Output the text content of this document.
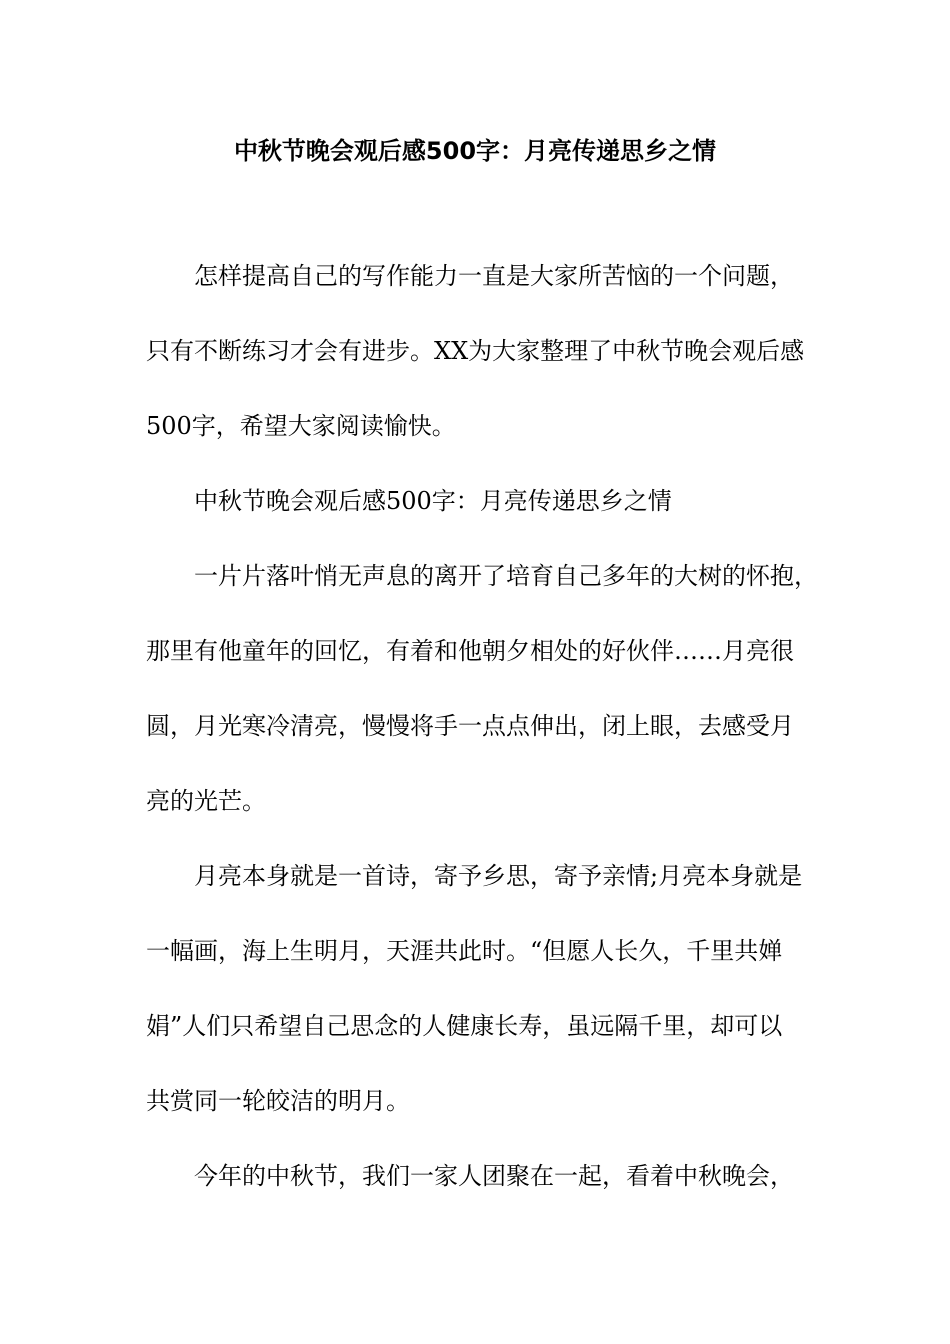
中秋节晚会观后感500字：月亮传递思乡之情
怎样提高自己的写作能力一直是大家所苦恼的一个问题，
只有不断练习才会有进步。XX为大家整理了中秋节晚会观后感
500字，希望大家阅读愉快。
中秋节晚会观后感500字：月亮传递思乡之情
一片片落叶悄无声息的离开了培育自己多年的大树的怀抱，
那里有他童年的回忆，有着和他朝夕相处的好伙伴……月亮很
圆，月光寒冷清亮，慢慢将手一点点伸出，闭上眼，去感受月
亮的光芒。
月亮本身就是一首诗，寄予乡思，寄予亲情;月亮本身就是
一幅画，海上生明月，天涯共此时。“但愿人长久，千里共婵
娟”人们只希望自己思念的人健康长寿，虽远隔千里，却可以
共赏同一轮皎洁的明月。
今年的中秋节，我们一家人团聚在一起，看着中秋晚会，
